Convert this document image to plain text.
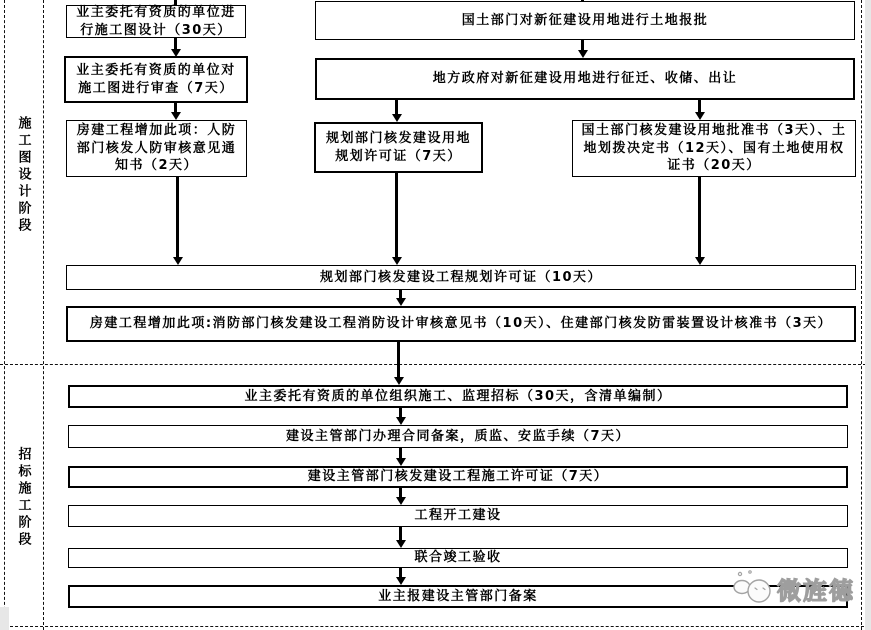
施工图设计阶段
招标施工阶段
业主委托有资质的单位进行施工图设计（30天）
业主委托有资质的单位对施工图进行审查（7天）
房建工程增加此项：人防部门核发人防审核意见通知书（2天）
国土部门对新征建设用地进行土地报批
地方政府对新征建设用地进行征迁、收储、出让
规划部门核发建设用地规划许可证（7天）
国土部门核发建设用地批准书（3天）、土地划拨决定书（12天）、国有土地使用权证书（20天）
规划部门核发建设工程规划许可证（10天）
房建工程增加此项:消防部门核发建设工程消防设计审核意见书（10天）、住建部门核发防雷装置设计核准书（3天）
业主委托有资质的单位组织施工、监理招标（30天，含清单编制）
建设主管部门办理合同备案，质监、安监手续（7天）
建设主管部门核发建设工程施工许可证（7天）
工程开工建设
联合竣工验收
业主报建设主管部门备案	微旌德
